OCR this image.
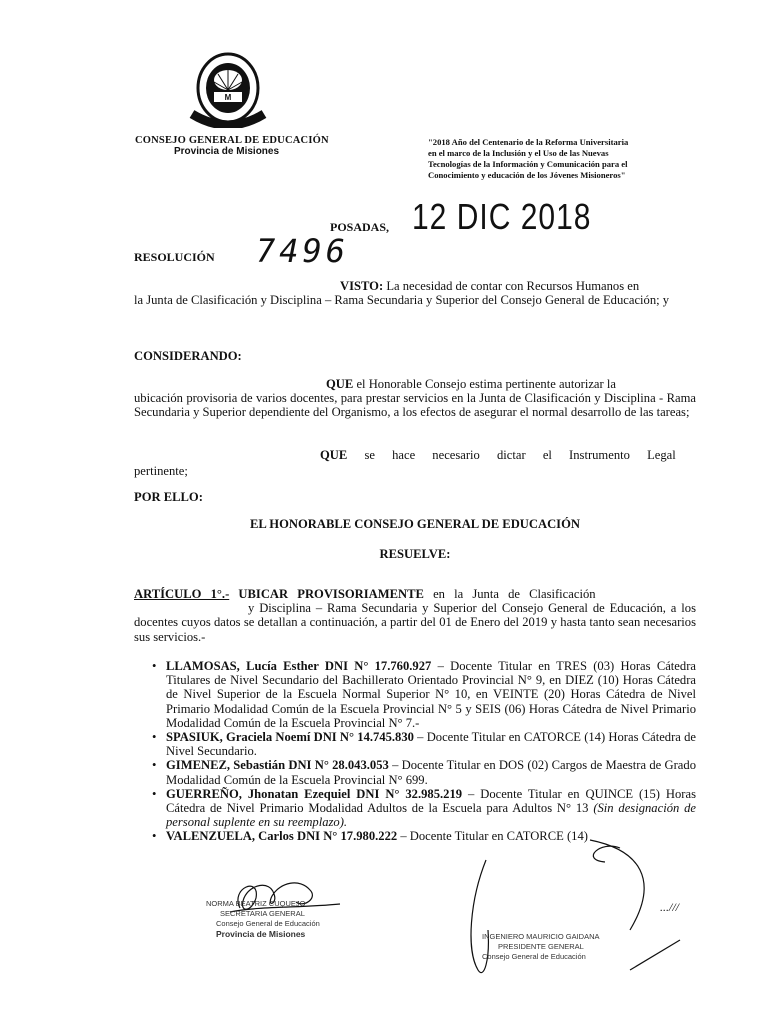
M
CONSEJO GENERAL DE EDUCACIÓN
Provincia de Misiones
"2018 Año del Centenario de la Reforma Universitaria
en el marco de la Inclusión y el Uso de las Nuevas
Tecnologías de la Información y Comunicación para el
Conocimiento y educación de los Jóvenes Misioneros"
POSADAS, 12 DIC 2018
RESOLUCIÓN 7496
VISTO: La necesidad de contar con Recursos Humanos en
la Junta de Clasificación y Disciplina – Rama Secundaria y Superior del Consejo General de Educación; y
CONSIDERANDO:
QUE el Honorable Consejo estima pertinente autorizar la
ubicación provisoria de varios docentes, para prestar servicios en la Junta de Clasificación y Disciplina - Rama Secundaria y Superior dependiente del Organismo, a los efectos de asegurar el normal desarrollo de las tareas;
QUE se hace necesario dictar el Instrumento Legal
pertinente;
POR ELLO:
EL HONORABLE CONSEJO GENERAL DE EDUCACIÓN
RESUELVE:
ARTÍCULO 1°.- UBICAR PROVISORIAMENTE en la Junta de Clasificación
y Disciplina – Rama Secundaria y Superior del Consejo General de Educación, a los docentes cuyos datos se detallan a continuación, a partir del 01 de Enero del 2019 y hasta tanto sean necesarios sus servicios.-
• LLAMOSAS, Lucía Esther DNI N° 17.760.927 – Docente Titular en TRES (03) Horas Cátedra Titulares de Nivel Secundario del Bachillerato Orientado Provincial N° 9, en DIEZ (10) Horas Cátedra de Nivel Superior de la Escuela Normal Superior N° 10, en VEINTE (20) Horas Cátedra de Nivel Primario Modalidad Común de la Escuela Provincial N° 5 y SEIS (06) Horas Cátedra de Nivel Primario Modalidad Común de la Escuela Provincial N° 7.-
• SPASIUK, Graciela Noemí DNI N° 14.745.830 – Docente Titular en CATORCE (14) Horas Cátedra de Nivel Secundario.
• GIMENEZ, Sebastián DNI N° 28.043.053 – Docente Titular en DOS (02) Cargos de Maestra de Grado Modalidad Común de la Escuela Provincial N° 699.
• GUERREÑO, Jhonatan Ezequiel DNI N° 32.985.219 – Docente Titular en QUINCE (15) Horas Cátedra de Nivel Primario Modalidad Adultos de la Escuela para Adultos N° 13 (Sin designación de personal suplente en su reemplazo).
• VALENZUELA, Carlos DNI N° 17.980.222 – Docente Titular en CATORCE (14)
...///
NORMA BEATRIZ CUQUEJO
SECRETARIA GENERAL
Consejo General de Educación
Provincia de Misiones	INGENIERO MAURICIO GAIDANA
PRESIDENTE GENERAL
Consejo General de Educación
